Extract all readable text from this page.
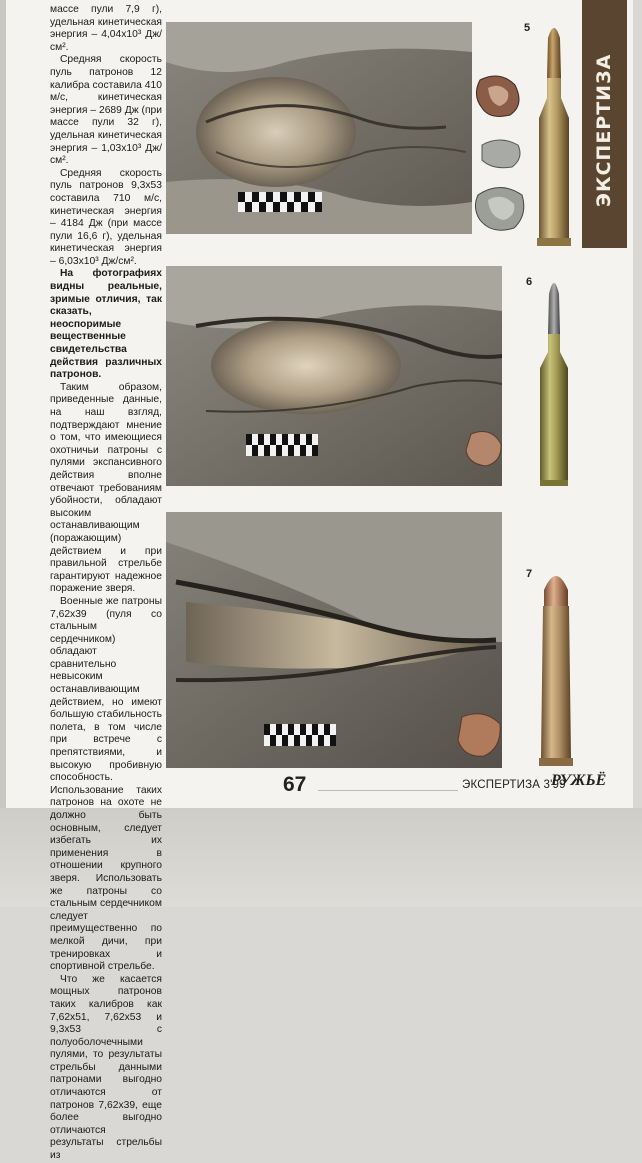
массе пули 7,9 г), удельная кинетическая энергия – 4,04х10³ Дж/см².

Средняя скорость пуль патронов 12 калибра составила 410 м/с, кинетическая энергия – 2689 Дж (при массе пули 32 г), удельная кинетическая энергия – 1,03х10³ Дж/см².

Средняя скорость пуль патронов 9,3х53 составила 710 м/с, кинетическая энергия – 4184 Дж (при массе пули 16,6 г), удельная кинетическая энергия – 6,03х10³ Дж/см².

На фотографиях видны реальные, зримые отличия, так сказать, неоспоримые вещественные свидетельства действия различных патронов.

Таким образом, приведенные данные, на наш взгляд, подтверждают мнение о том, что имеющиеся охотничьи патроны с пулями экспансивного действия вполне отвечают требованиям убойности, обладают высоким останавливающим (поражающим) действием и при правильной стрельбе гарантируют надежное поражение зверя.

Военные же патроны 7,62х39 (пуля со стальным сердечником) обладают сравнительно невысоким останавливающим действием, но имеют большую стабильность полета, в том числе при встрече с препятствиями, и высокую пробивную способность. Использование таких патронов на охоте не должно быть основным, следует избегать их применения в отношении крупного зверя. Использовать же патроны со стальным сердечником следует преимущественно по мелкой дичи, при тренировках и спортивной стрельбе.

Что же касается мощных патронов таких калибров как 7,62х51, 7,62х53 и 9,3х53 с полуоболочечными пулями, то результаты стрельбы данными патронами выгодно отличаются от патронов 7,62х39, еще более выгодно отличаются результаты стрельбы из

5
ЭКСПЕРТИЗА
6
7
67	ЭКСПЕРТИЗА 3'99
РУЖЬЁ
